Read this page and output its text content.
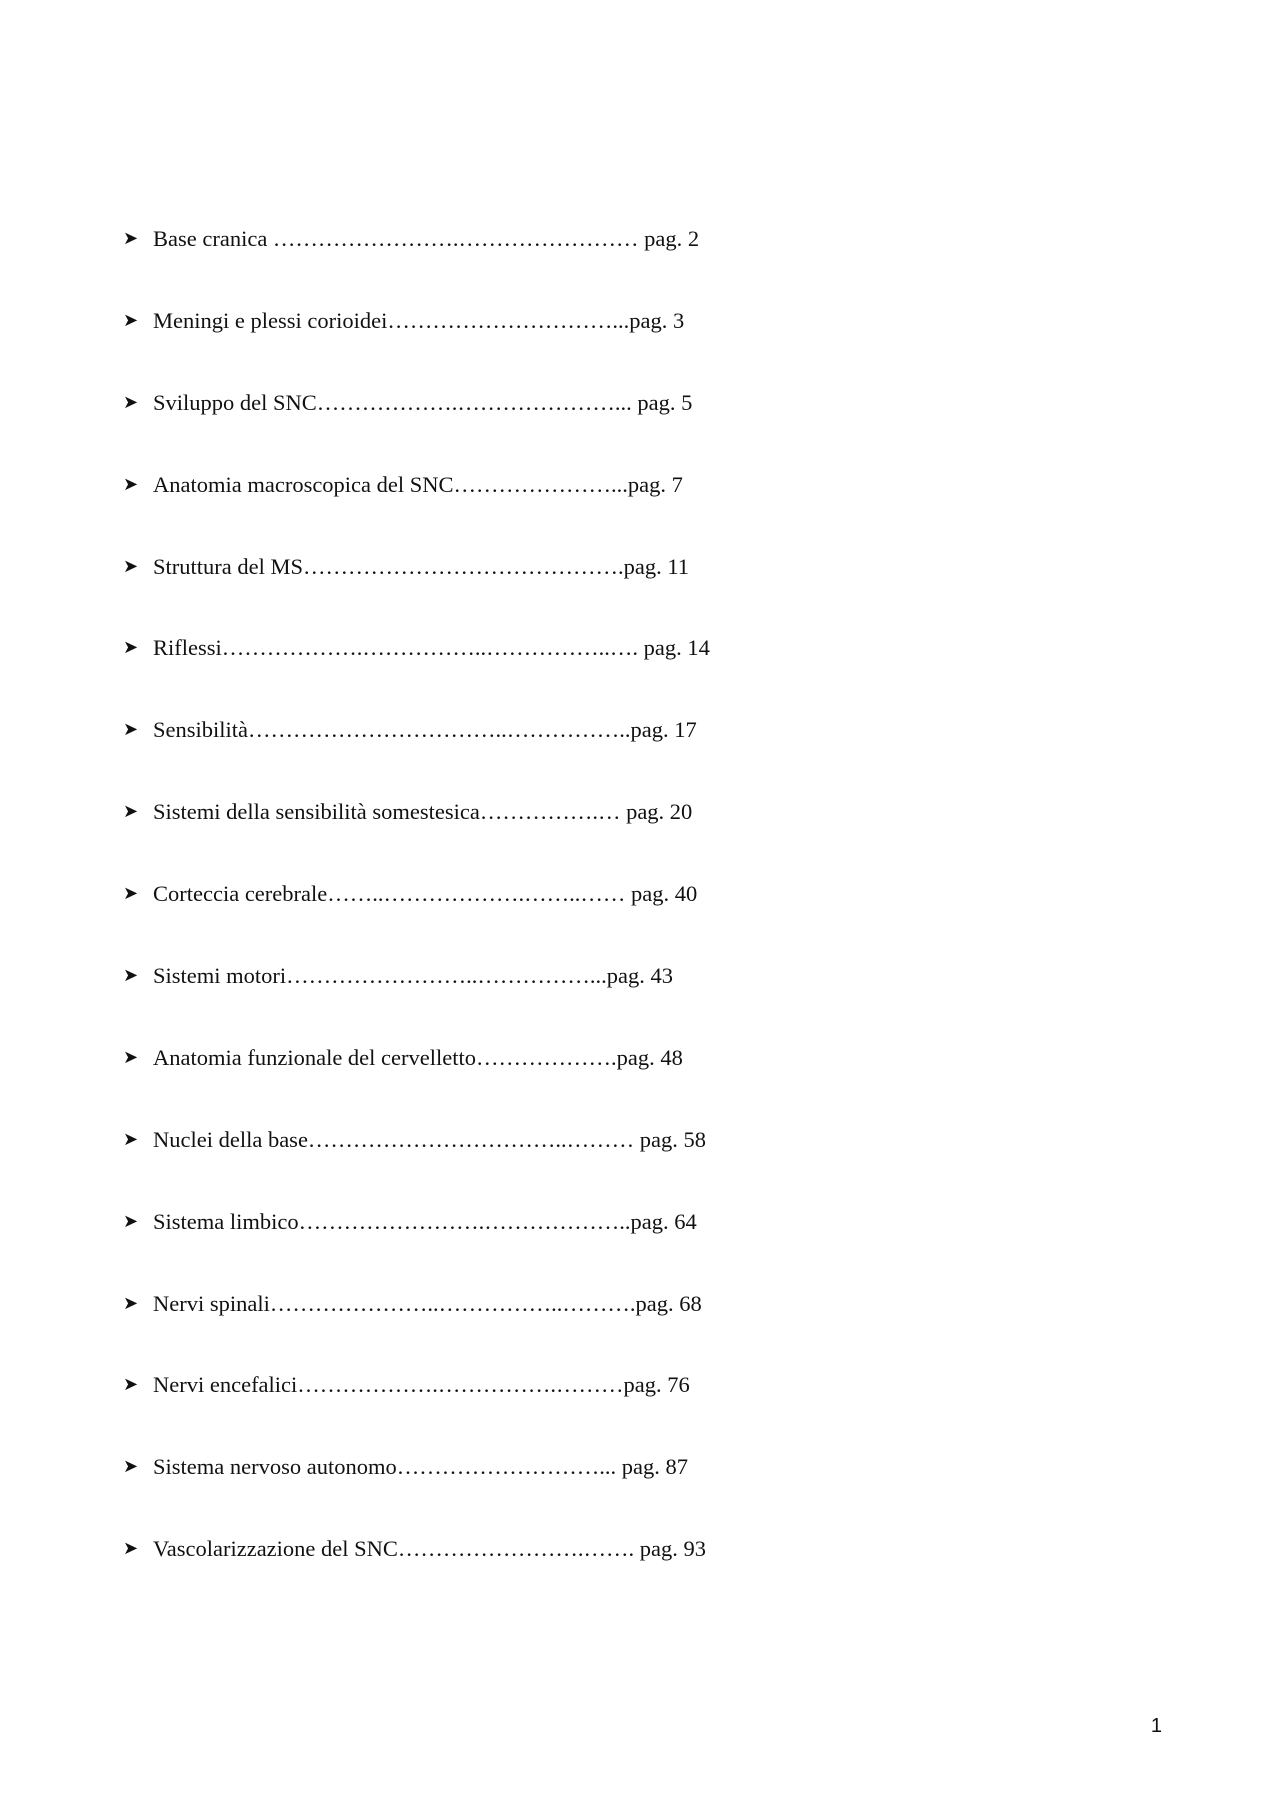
➤ Base cranica …………………….…………………… pag. 2
➤ Meningi e plessi corioidei…………………………...pag. 3
➤ Sviluppo del SNC……………….…………………... pag. 5
➤ Anatomia macroscopica del SNC…………………...pag. 7
➤ Struttura del MS…………………………………….pag. 11
➤ Riflessi……………….……………..……………..…. pag. 14
➤ Sensibilità……………………………..……………..pag. 17
➤ Sistemi della sensibilità somestesica…………….… pag. 20
➤ Corteccia cerebrale……..……………….……..…… pag. 40
➤ Sistemi motori……………………..……………...pag. 43
➤ Anatomia funzionale del cervelletto……………….pag. 48
➤ Nuclei della base……………………………..……… pag. 58
➤ Sistema limbico…………………….………………..pag. 64
➤ Nervi spinali…………………..……………..……….pag. 68
➤ Nervi encefalici……………….…………….………pag. 76
➤ Sistema nervoso autonomo………………………... pag. 87
➤ Vascolarizzazione del SNC…………………….……. pag. 93
1
